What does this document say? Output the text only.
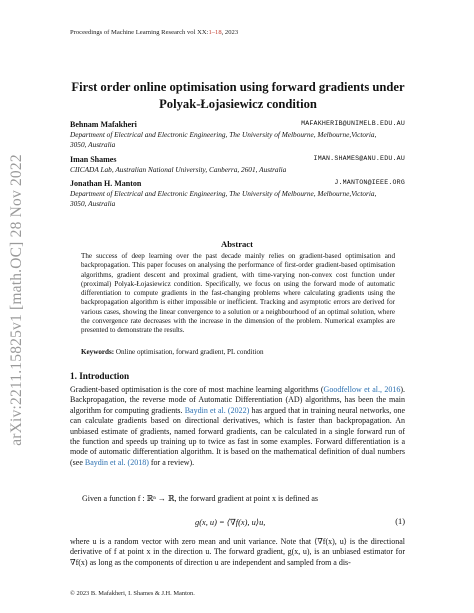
arXiv:2211.15825v1 [math.OC] 28 Nov 2022
Proceedings of Machine Learning Research vol XX:1–18, 2023
First order online optimisation using forward gradients under
Polyak-Łojasiewicz condition
Behnam Mafakheri	MAFAKHERIB@UNIMELB.EDU.AU
Department of Electrical and Electronic Engineering, The University of Melbourne, Melbourne,Victoria,
3050, Australia
Iman Shames	IMAN.SHAMES@ANU.EDU.AU
CIICADA Lab, Australian National University, Canberra, 2601, Australia
Jonathan H. Manton	J.MANTON@IEEE.ORG
Department of Electrical and Electronic Engineering, The University of Melbourne, Melbourne,Victoria,
3050, Australia
Abstract
The success of deep learning over the past decade mainly relies on gradient-based optimisation and backpropagation. This paper focuses on analysing the performance of first-order gradient-based optimisation algorithms, gradient descent and proximal gradient, with time-varying non-convex cost function under (proximal) Polyak-Łojasiewicz condition. Specifically, we focus on using the forward mode of automatic differentiation to compute gradients in the fast-changing problems where calculating gradients using the backpropagation algorithm is either impossible or inefficient. Tracking and asymptotic errors are derived for various cases, showing the linear convergence to a solution or a neighbourhood of an optimal solution, where the convergence rate decreases with the increase in the dimension of the problem. Numerical examples are presented to demonstrate the results.
Keywords: Online optimisation, forward gradient, PL condition
1. Introduction
Gradient-based optimisation is the core of most machine learning algorithms (Goodfellow et al., 2016). Backpropagation, the reverse mode of Automatic Differentiation (AD) algorithms, has been the main algorithm for computing gradients. Baydin et al. (2022) has argued that in training neural networks, one can calculate gradients based on directional derivatives, which is faster than backpropagation. An unbiased estimate of gradients, named forward gradients, can be calculated in a single forward run of the function and speeds up training up to twice as fast in some examples. Forward differentiation is a mode of automatic differentiation algorithm. It is based on the mathematical definition of dual numbers (see Baydin et al. (2018) for a review).
Given a function f : ℝⁿ → ℝ, the forward gradient at point x is defined as
g(x, u) = ⟨∇f(x), u⟩u,	(1)
where u is a random vector with zero mean and unit variance. Note that ⟨∇f(x), u⟩ is the directional derivative of f at point x in the direction u. The forward gradient, g(x, u), is an unbiased estimator for ∇f(x) as long as the components of direction u are independent and sampled from a dis-
© 2023 B. Mafakheri, I. Shames & J.H. Manton.
